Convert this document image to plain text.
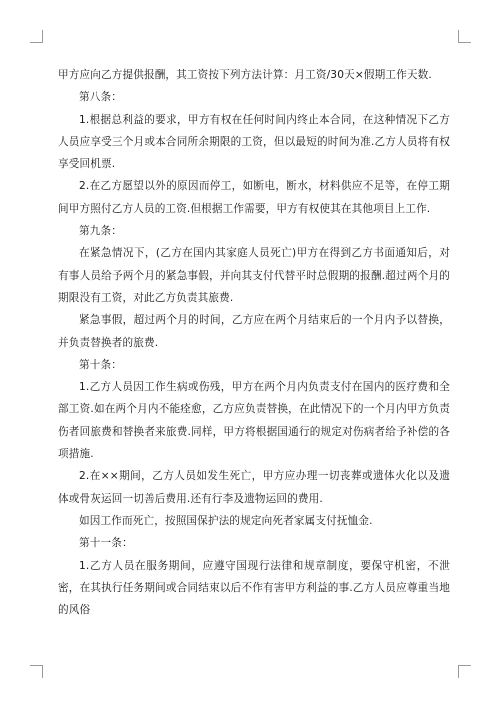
甲方应向乙方提供报酬，其工资按下列方法计算：月工资/30天×假期工作天数.

第八条：

1.根据总利益的要求，甲方有权在任何时间内终止本合同，在这种情况下乙方人员应享受三个月或本合同所余期限的工资，但以最短的时间为准.乙方人员将有权享受回机票.

2.在乙方愿望以外的原因而停工，如断电，断水，材料供应不足等，在停工期间甲方照付乙方人员的工资.但根据工作需要，甲方有权使其在其他项目上工作.

第九条：

在紧急情况下，(乙方在国内其家庭人员死亡)甲方在得到乙方书面通知后，对有事人员给予两个月的紧急事假，并向其支付代替平时总假期的报酬.超过两个月的期限没有工资，对此乙方负责其旅费.

紧急事假，超过两个月的时间，乙方应在两个月结束后的一个月内予以替换，并负责替换者的旅费.

第十条：

1.乙方人员因工作生病或伤残，甲方在两个月内负责支付在国内的医疗费和全部工资.如在两个月内不能痊愈，乙方应负责替换，在此情况下的一个月内甲方负责伤者回旅费和替换者来旅费.同样，甲方将根据国通行的规定对伤病者给予补偿的各项措施.

2.在××期间，乙方人员如发生死亡，甲方应办理一切丧葬或遗体火化以及遗体或骨灰运回一切善后费用.还有行李及遗物运回的费用.

如因工作而死亡，按照国保护法的规定向死者家属支付抚恤金.

第十一条：

1.乙方人员在服务期间，应遵守国现行法律和规章制度，要保守机密，不泄密，在其执行任务期间或合同结束以后不作有害甲方利益的事.乙方人员应尊重当地的风俗
